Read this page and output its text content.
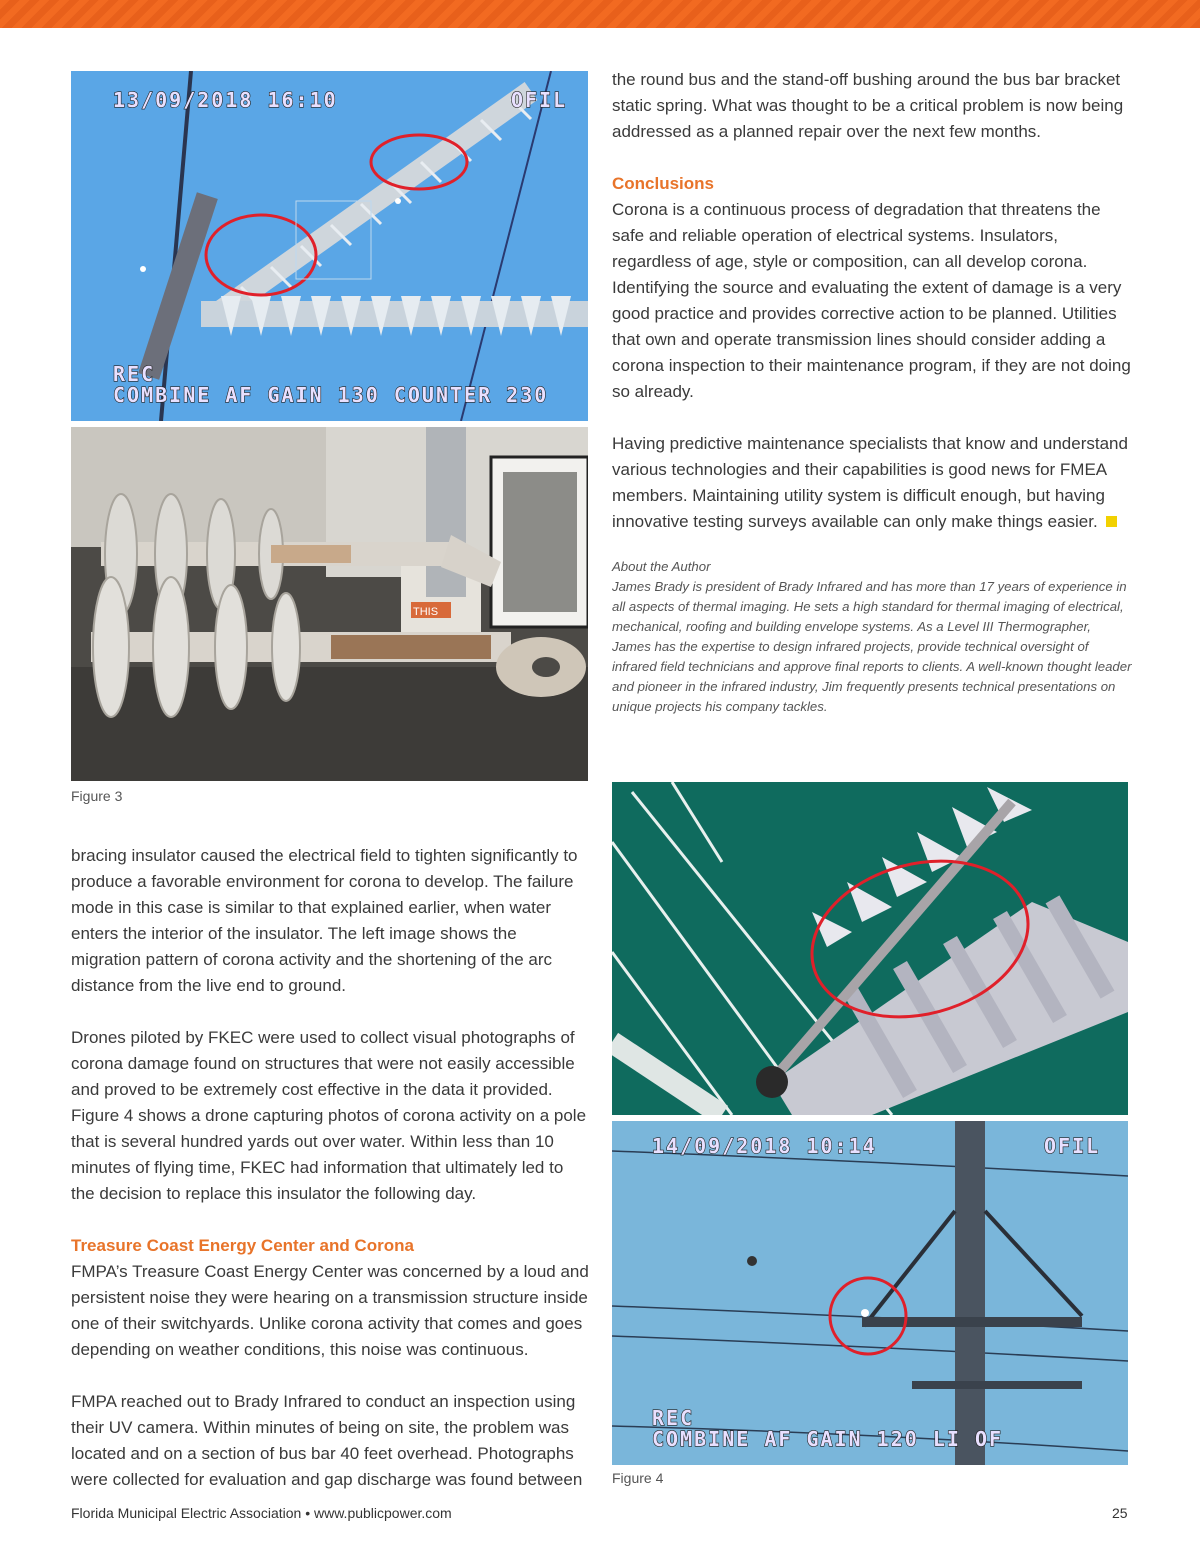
13/09/2018 16:10	OFIL
REC
COMBINE AF GAIN 130 COUNTER 230
THIS
Figure 3

bracing insulator caused the electrical field to tighten significantly to produce a favorable environment for corona to develop. The failure mode in this case is similar to that explained earlier, when water enters the interior of the insulator. The left image shows the migration pattern of corona activity and the shortening of the arc distance from the live end to ground.

Drones piloted by FKEC were used to collect visual photographs of corona damage found on structures that were not easily accessible and proved to be extremely cost effective in the data it provided. Figure 4 shows a drone capturing photos of corona activity on a pole that is several hundred yards out over water. Within less than 10 minutes of flying time, FKEC had information that ultimately led to the decision to replace this insulator the following day.

Treasure Coast Energy Center and Corona

FMPA’s Treasure Coast Energy Center was concerned by a loud and persistent noise they were hearing on a transmission structure inside one of their switchyards. Unlike corona activity that comes and goes depending on weather conditions, this noise was continuous.

FMPA reached out to Brady Infrared to conduct an inspection using their UV camera. Within minutes of being on site, the problem was located and on a section of bus bar 40 feet overhead. Photographs were collected for evaluation and gap discharge was found between

the round bus and the stand-off bushing around the bus bar bracket static spring. What was thought to be a critical problem is now being addressed as a planned repair over the next few months.

Conclusions

Corona is a continuous process of degradation that threatens the safe and reliable operation of electrical systems. Insulators, regardless of age, style or composition, can all develop corona. Identifying the source and evaluating the extent of damage is a very good practice and provides corrective action to be planned. Utilities that own and operate transmission lines should consider adding a corona inspection to their maintenance program, if they are not doing so already.

Having predictive maintenance specialists that know and understand various technologies and their capabilities is good news for FMEA members. Maintaining utility system is difficult enough, but having innovative testing surveys available can only make things easier.

About the Author

James Brady is president of Brady Infrared and has more than 17 years of experience in all aspects of thermal imaging. He sets a high standard for thermal imaging of electrical, mechanical, roofing and building envelope systems. As a Level III Thermographer, James has the expertise to design infrared projects, provide technical oversight of infrared field technicians and approve final reports to clients. A well-known thought leader and pioneer in the infrared industry, Jim frequently presents technical presentations on unique projects his company tackles.

14/09/2018 10:14	OFIL
REC
COMBINE AF GAIN 120 LI OF
Figure 4
Florida Municipal Electric Association • www.publicpower.com	25
